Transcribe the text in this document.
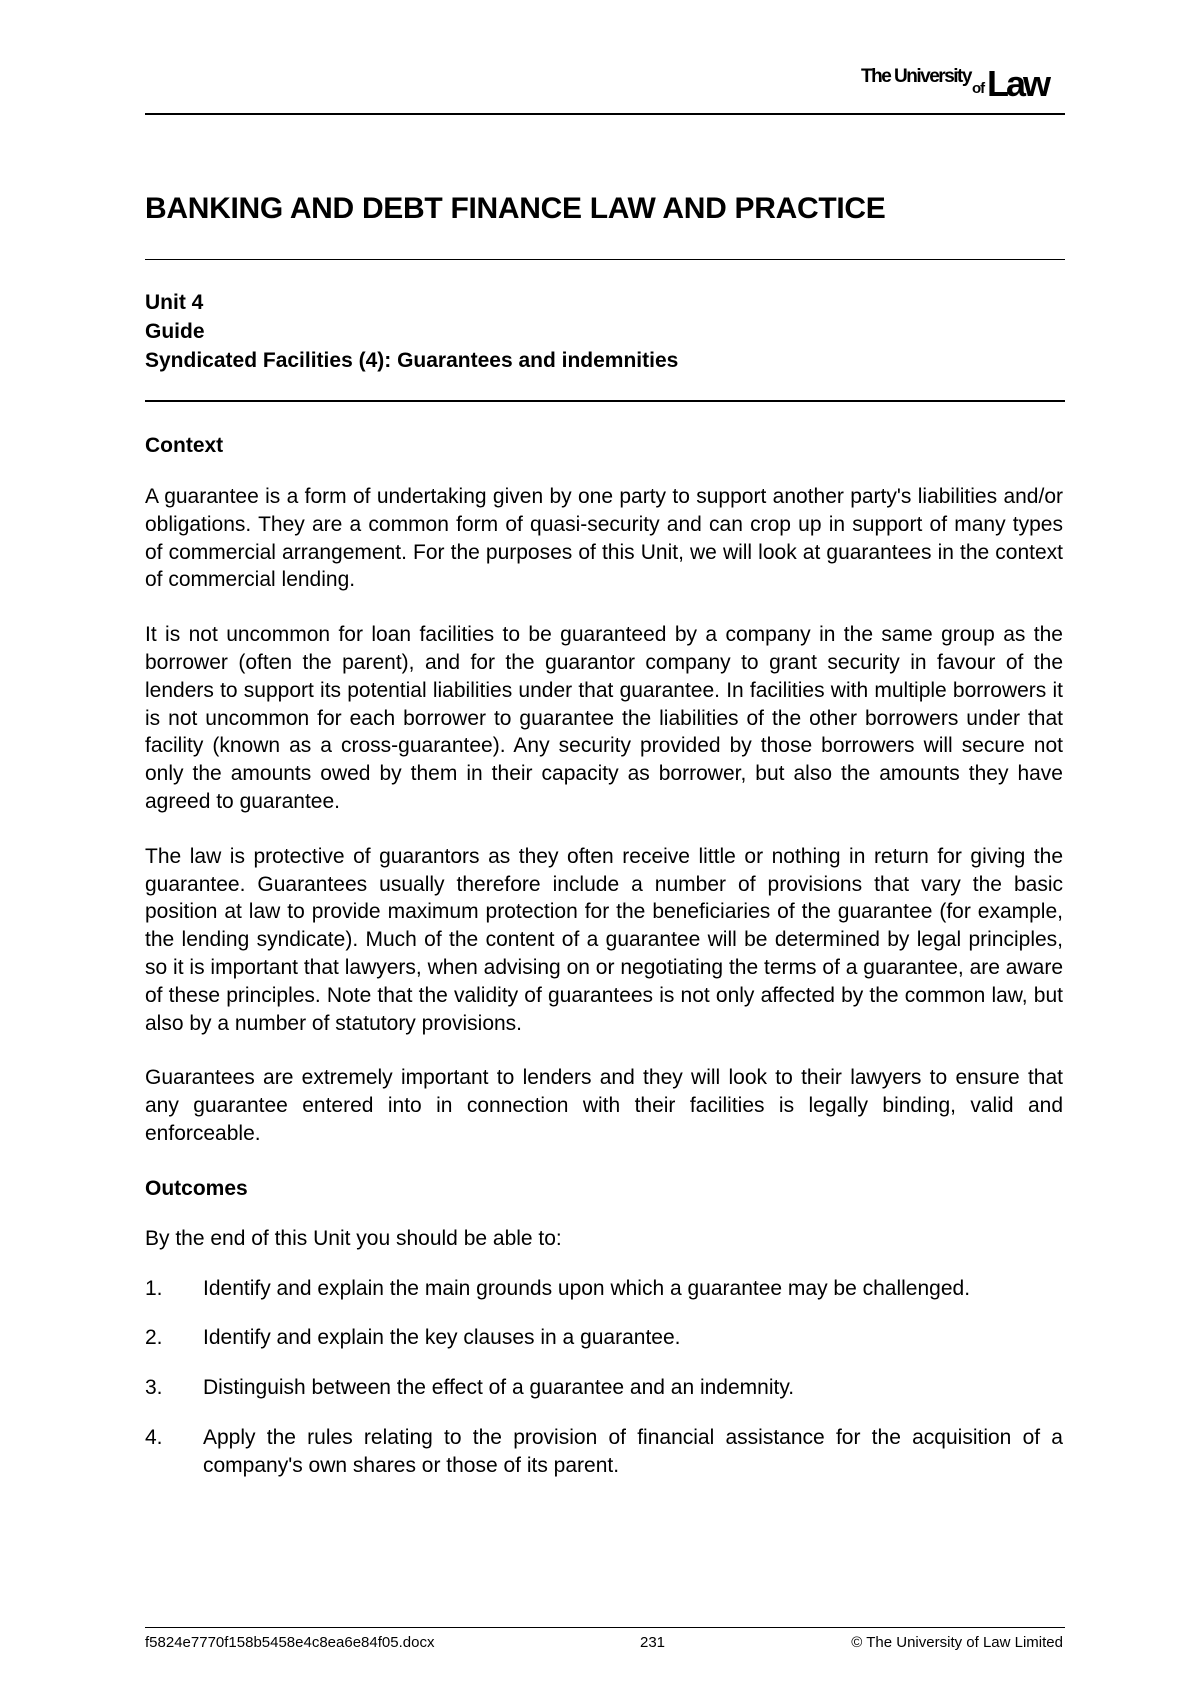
The University
of Law
BANKING AND DEBT FINANCE LAW AND PRACTICE
Unit 4
Guide
Syndicated Facilities (4): Guarantees and indemnities
Context

A guarantee is a form of undertaking given by one party to support another party's liabilities and/or obligations. They are a common form of quasi-security and can crop up in support of many types of commercial arrangement. For the purposes of this Unit, we will look at guarantees in the context of commercial lending.

It is not uncommon for loan facilities to be guaranteed by a company in the same group as the borrower (often the parent), and for the guarantor company to grant security in favour of the lenders to support its potential liabilities under that guarantee. In facilities with multiple borrowers it is not uncommon for each borrower to guarantee the liabilities of the other borrowers under that facility (known as a cross-guarantee). Any security provided by those borrowers will secure not only the amounts owed by them in their capacity as borrower, but also the amounts they have agreed to guarantee.

The law is protective of guarantors as they often receive little or nothing in return for giving the guarantee. Guarantees usually therefore include a number of provisions that vary the basic position at law to provide maximum protection for the beneficiaries of the guarantee (for example, the lending syndicate). Much of the content of a guarantee will be determined by legal principles, so it is important that lawyers, when advising on or negotiating the terms of a guarantee, are aware of these principles. Note that the validity of guarantees is not only affected by the common law, but also by a number of statutory provisions.

Guarantees are extremely important to lenders and they will look to their lawyers to ensure that any guarantee entered into in connection with their facilities is legally binding, valid and enforceable.

Outcomes

By the end of this Unit you should be able to:

1.	Identify and explain the main grounds upon which a guarantee may be challenged.
2.	Identify and explain the key clauses in a guarantee.
3.	Distinguish between the effect of a guarantee and an indemnity.
4.	Apply the rules relating to the provision of financial assistance for the acquisition of a company's own shares or those of its parent.
f5824e7770f158b5458e4c8ea6e84f05.docx	231	© The University of Law Limited
